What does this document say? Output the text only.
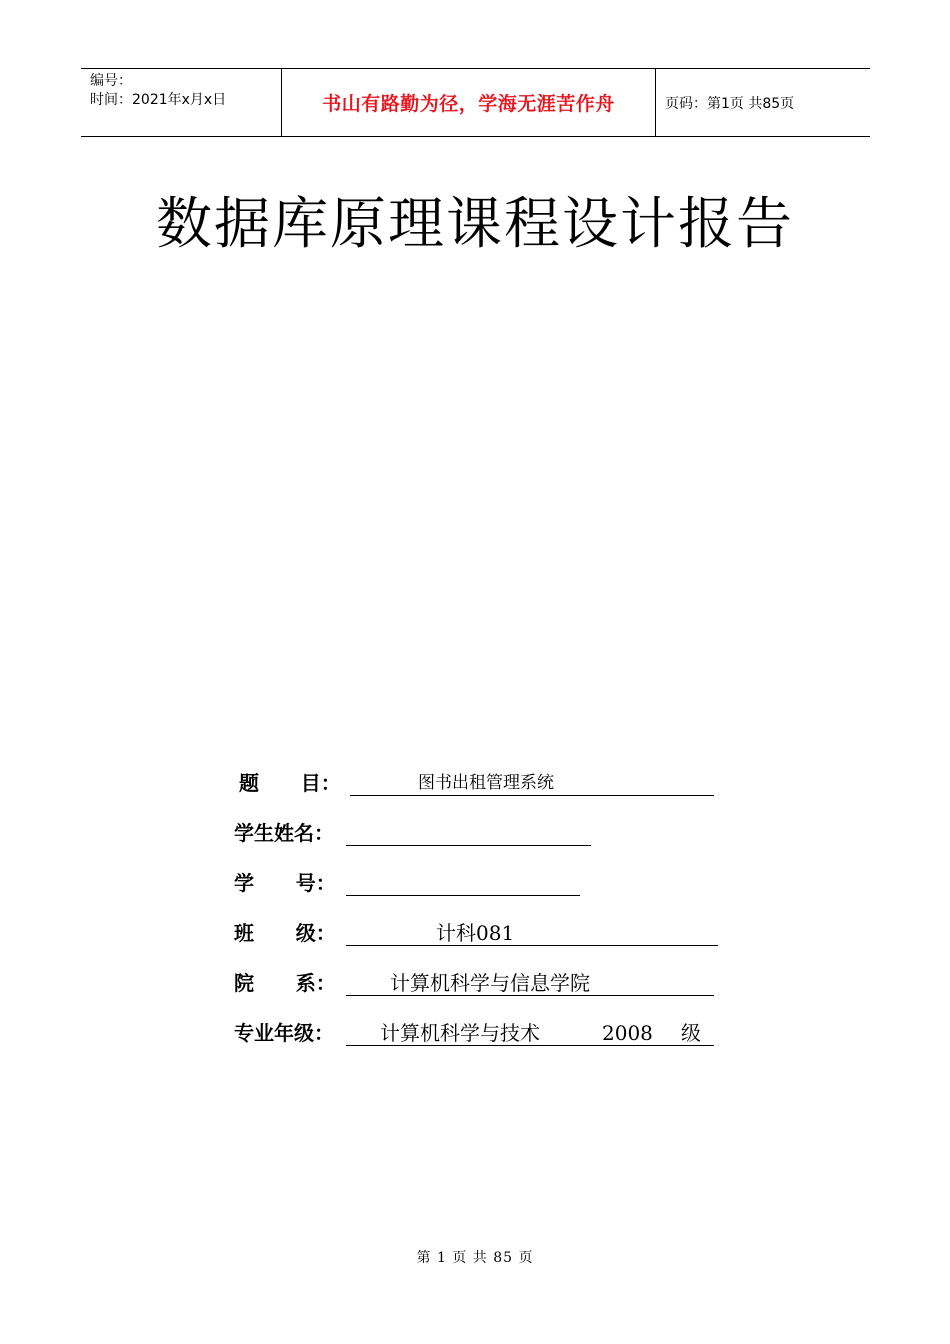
编号：
时间：2021年x月x日	书山有路勤为径，学海无涯苦作舟	页码：第1页 共85页
数据库原理课程设计报告
题      目：	图书出租管理系统
学生姓名：
学      号：
班      级：	计科081
院      系：	计算机科学与信息学院
专业年级： 计算机科学与技术	2008 级
第 1 页 共 85 页
